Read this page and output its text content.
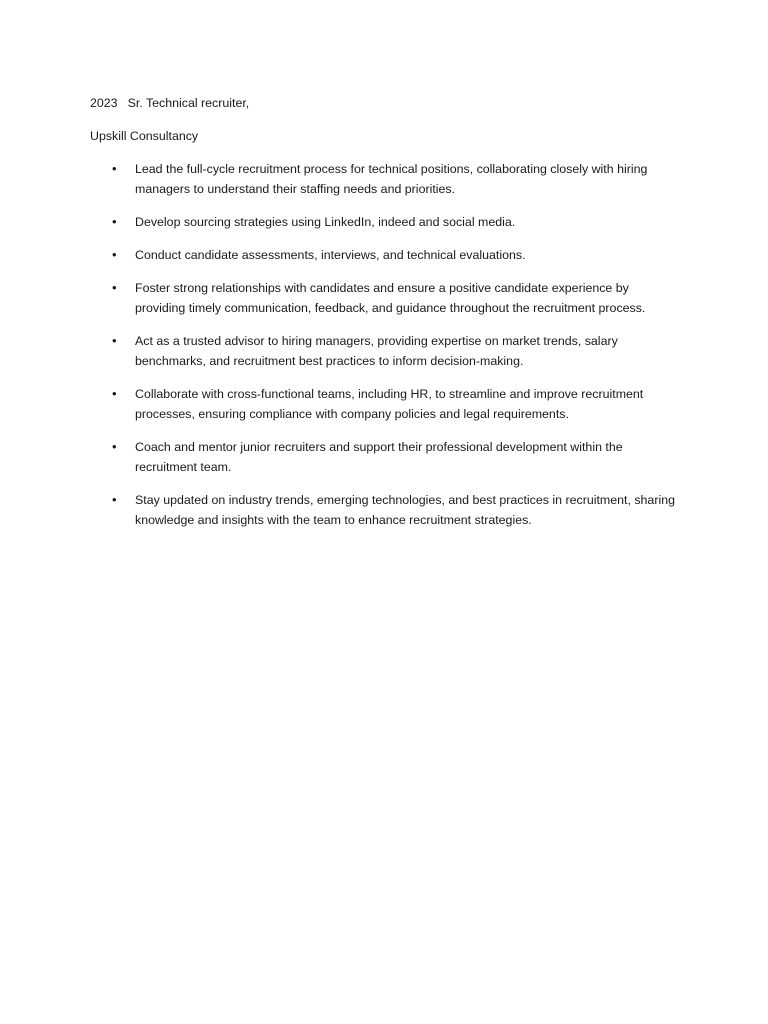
2023 Sr. Technical recruiter,

Upskill Consultancy

• Lead the full-cycle recruitment process for technical positions, collaborating closely with hiring managers to understand their staffing needs and priorities.
• Develop sourcing strategies using LinkedIn, indeed and social media.
• Conduct candidate assessments, interviews, and technical evaluations.
• Foster strong relationships with candidates and ensure a positive candidate experience by providing timely communication, feedback, and guidance throughout the recruitment process.
• Act as a trusted advisor to hiring managers, providing expertise on market trends, salary benchmarks, and recruitment best practices to inform decision-making.
• Collaborate with cross-functional teams, including HR, to streamline and improve recruitment processes, ensuring compliance with company policies and legal requirements.
• Coach and mentor junior recruiters and support their professional development within the recruitment team.
• Stay updated on industry trends, emerging technologies, and best practices in recruitment, sharing knowledge and insights with the team to enhance recruitment strategies.
